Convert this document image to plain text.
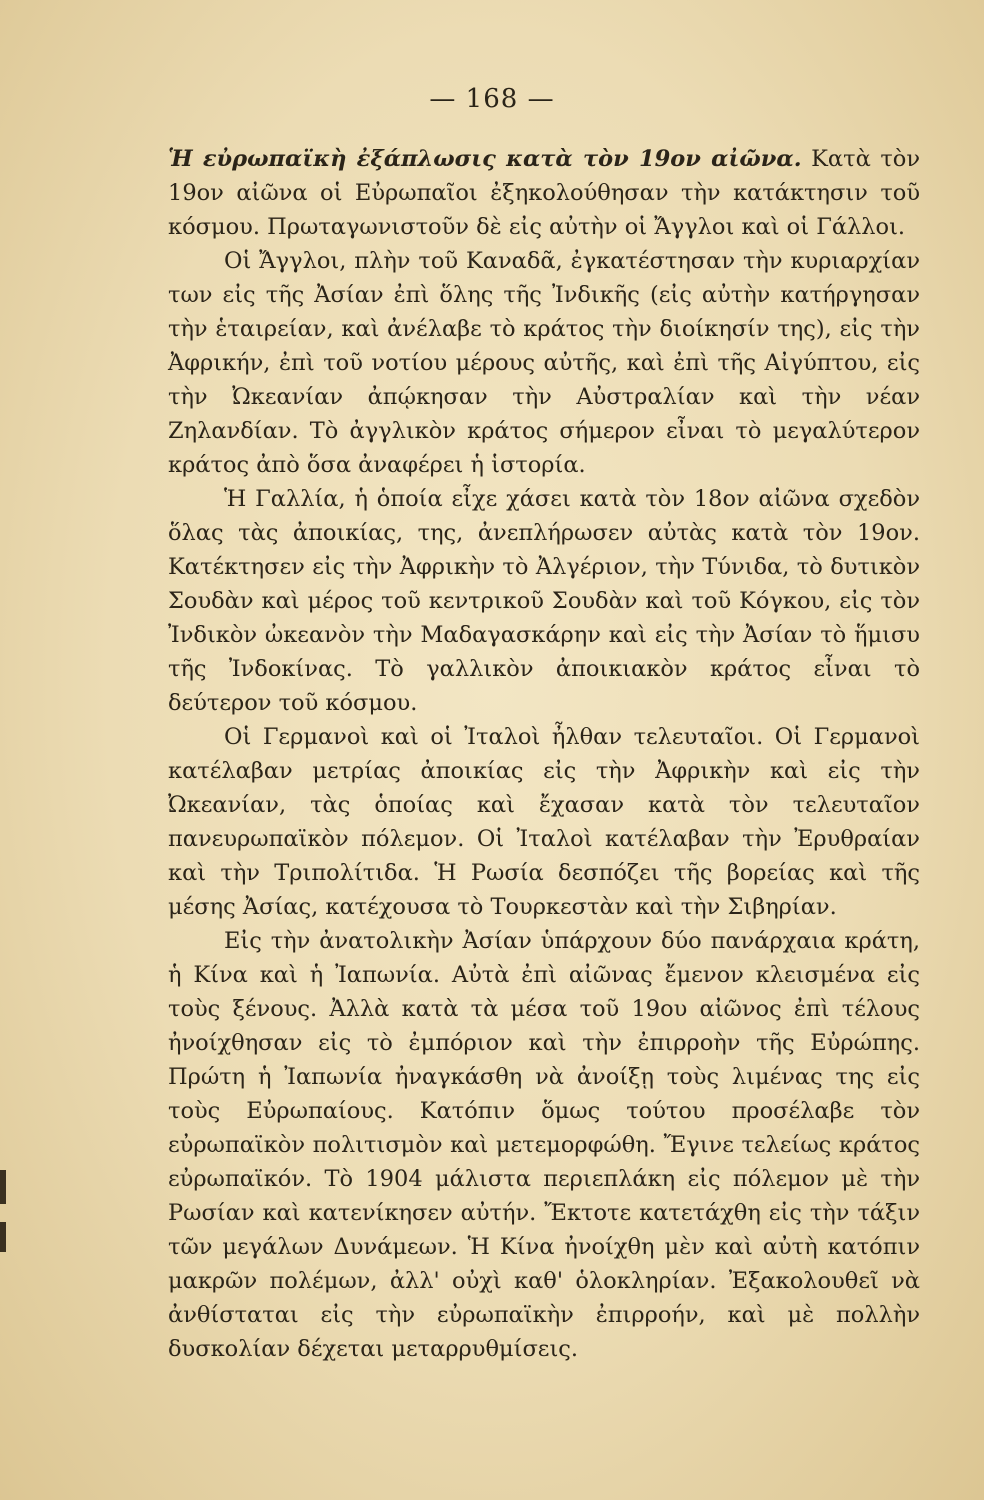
— 168 —

Ἡ εὐρωπαϊκὴ ἐξάπλωσις κατὰ τὸν 19ον αἰῶνα. Κατὰ τὸν 19ον αἰῶνα οἱ Εὐρωπαῖοι ἐξηκολούθησαν τὴν κατάκτησιν τοῦ κόσμου. Πρωταγωνιστοῦν δὲ εἰς αὐτὴν οἱ Ἄγγλοι καὶ οἱ Γάλλοι.

Οἱ Ἄγγλοι, πλὴν τοῦ Καναδᾶ, ἐγκατέστησαν τὴν κυριαρχίαν των εἰς τῆς Ἀσίαν ἐπὶ ὅλης τῆς Ἰνδικῆς (εἰς αὐτὴν κατήργησαν τὴν ἑταιρείαν, καὶ ἀνέλαβε τὸ κράτος τὴν διοίκησίν της), εἰς τὴν Ἀφρικήν, ἐπὶ τοῦ νοτίου μέρους αὐτῆς, καὶ ἐπὶ τῆς Αἰγύπτου, εἰς τὴν Ὠκεανίαν ἀπῴκησαν τὴν Αὐστραλίαν καὶ τὴν νέαν Ζηλανδίαν. Τὸ ἀγγλικὸν κράτος σήμερον εἶναι τὸ μεγαλύτερον κράτος ἀπὸ ὅσα ἀναφέρει ἡ ἱστορία.

Ἡ Γαλλία, ἡ ὁποία εἶχε χάσει κατὰ τὸν 18ον αἰῶνα σχεδὸν ὅλας τὰς ἀποικίας, της, ἀνεπλήρωσεν αὐτὰς κατὰ τὸν 19ον. Κατέκτησεν εἰς τὴν Ἀφρικὴν τὸ Ἀλγέριον, τὴν Τύνιδα, τὸ δυτικὸν Σουδὰν καὶ μέρος τοῦ κεντρικοῦ Σουδὰν καὶ τοῦ Κόγκου, εἰς τὸν Ἰνδικὸν ὠκεανὸν τὴν Μαδαγασκάρην καὶ εἰς τὴν Ἀσίαν τὸ ἥμισυ τῆς Ἰνδοκίνας. Τὸ γαλλικὸν ἀποικιακὸν κράτος εἶναι τὸ δεύτερον τοῦ κόσμου.

Οἱ Γερμανοὶ καὶ οἱ Ἰταλοὶ ἦλθαν τελευταῖοι. Οἱ Γερμανοὶ κατέλαβαν μετρίας ἀποικίας εἰς τὴν Ἀφρικὴν καὶ εἰς τὴν Ὠκεανίαν, τὰς ὁποίας καὶ ἔχασαν κατὰ τὸν τελευταῖον πανευρωπαϊκὸν πόλεμον. Οἱ Ἰταλοὶ κατέλαβαν τὴν Ἐρυθραίαν καὶ τὴν Τριπολίτιδα. Ἡ Ρωσία δεσπόζει τῆς βορείας καὶ τῆς μέσης Ἀσίας, κατέχουσα τὸ Τουρκεστὰν καὶ τὴν Σιβηρίαν.

Εἰς τὴν ἀνατολικὴν Ἀσίαν ὑπάρχουν δύο πανάρχαια κράτη, ἡ Κίνα καὶ ἡ Ἰαπωνία. Αὐτὰ ἐπὶ αἰῶνας ἔμενον κλεισμένα εἰς τοὺς ξένους. Ἀλλὰ κατὰ τὰ μέσα τοῦ 19ου αἰῶνος ἐπὶ τέλους ἠνοίχθησαν εἰς τὸ ἐμπόριον καὶ τὴν ἐπιρροὴν τῆς Εὐρώπης. Πρώτη ἡ Ἰαπωνία ἠναγκάσθη νὰ ἀνοίξῃ τοὺς λιμένας της εἰς τοὺς Εὐρωπαίους. Κατόπιν ὅμως τούτου προσέλαβε τὸν εὐρωπαϊκὸν πολιτισμὸν καὶ μετεμορφώθη. Ἔγινε τελείως κράτος εὐρωπαϊκόν. Τὸ 1904 μάλιστα περιεπλάκη εἰς πόλεμον μὲ τὴν Ρωσίαν καὶ κατενίκησεν αὐτήν. Ἔκτοτε κατετάχθη εἰς τὴν τάξιν τῶν μεγάλων Δυνάμεων. Ἡ Κίνα ἠνοίχθη μὲν καὶ αὐτὴ κατόπιν μακρῶν πολέμων, ἀλλ' οὐχὶ καθ' ὁλοκληρίαν. Ἐξακολουθεῖ νὰ ἀνθίσταται εἰς τὴν εὐρωπαϊκὴν ἐπιρροήν, καὶ μὲ πολλὴν δυσκολίαν δέχεται μεταρρυθμίσεις.
